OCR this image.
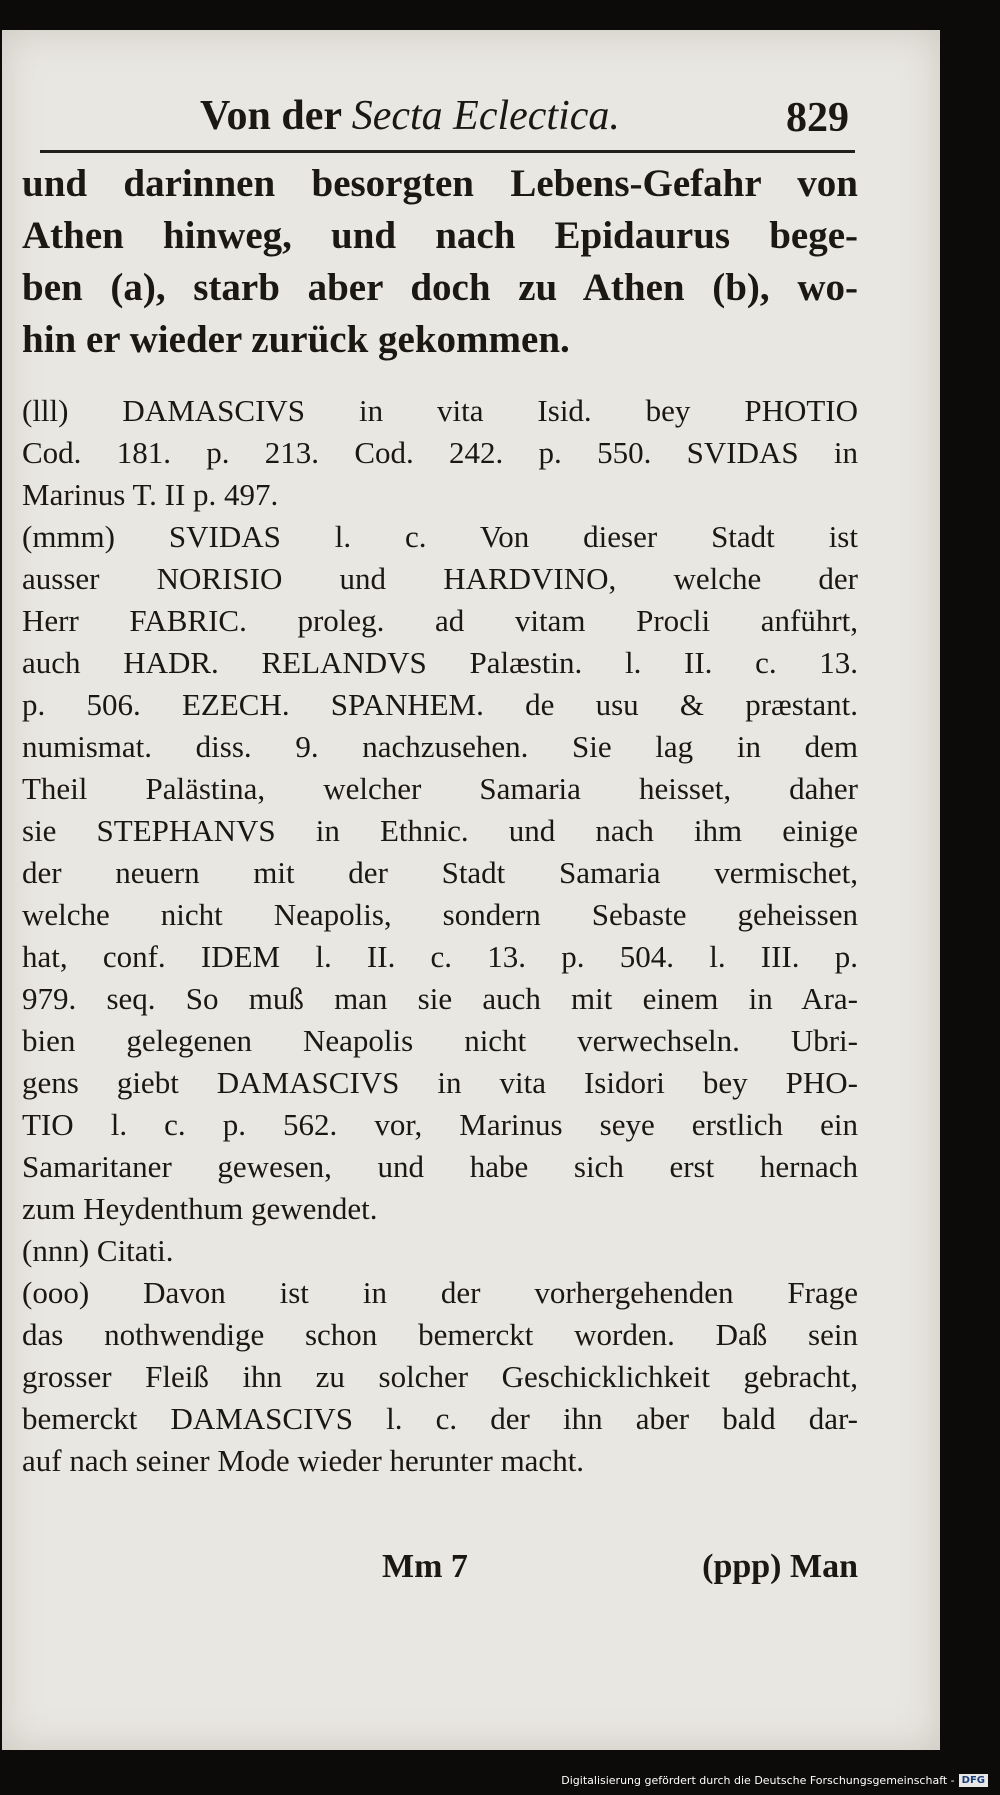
Von der Secta Eclectica.	829
und darinnen besorgten Lebens-Gefahr von
Athen hinweg, und nach Epidaurus bege-
ben (a), starb aber doch zu Athen (b), wo-
hin er wieder zurück gekommen.
(lll) DAMASCIVS in vita Isid. bey PHOTIO
Cod. 181. p. 213. Cod. 242. p. 550. SVIDAS in
Marinus T. II p. 497.
(mmm) SVIDAS l. c. Von dieser Stadt ist
ausser NORISIO und HARDVINO, welche der
Herr FABRIC. proleg. ad vitam Procli anführt,
auch HADR. RELANDVS Palæstin. l. II. c. 13.
p. 506. EZECH. SPANHEM. de usu & præstant.
numismat. diss. 9. nachzusehen. Sie lag in dem
Theil Palästina, welcher Samaria heisset, daher
sie STEPHANVS in Ethnic. und nach ihm einige
der neuern mit der Stadt Samaria vermischet,
welche nicht Neapolis, sondern Sebaste geheissen
hat, conf. IDEM l. II. c. 13. p. 504. l. III. p.
979. seq. So muß man sie auch mit einem in Ara-
bien gelegenen Neapolis nicht verwechseln. Ubri-
gens giebt DAMASCIVS in vita Isidori bey PHO-
TIO l. c. p. 562. vor, Marinus seye erstlich ein
Samaritaner gewesen, und habe sich erst hernach
zum Heydenthum gewendet.
(nnn) Citati.
(ooo) Davon ist in der vorhergehenden Frage
das nothwendige schon bemerckt worden. Daß sein
grosser Fleiß ihn zu solcher Geschicklichkeit gebracht,
bemerckt DAMASCIVS l. c. der ihn aber bald dar-
auf nach seiner Mode wieder herunter macht.
Mm 7	(ppp) Man
Digitalisierung gefördert durch die Deutsche Forschungsgemeinschaft - DFG
